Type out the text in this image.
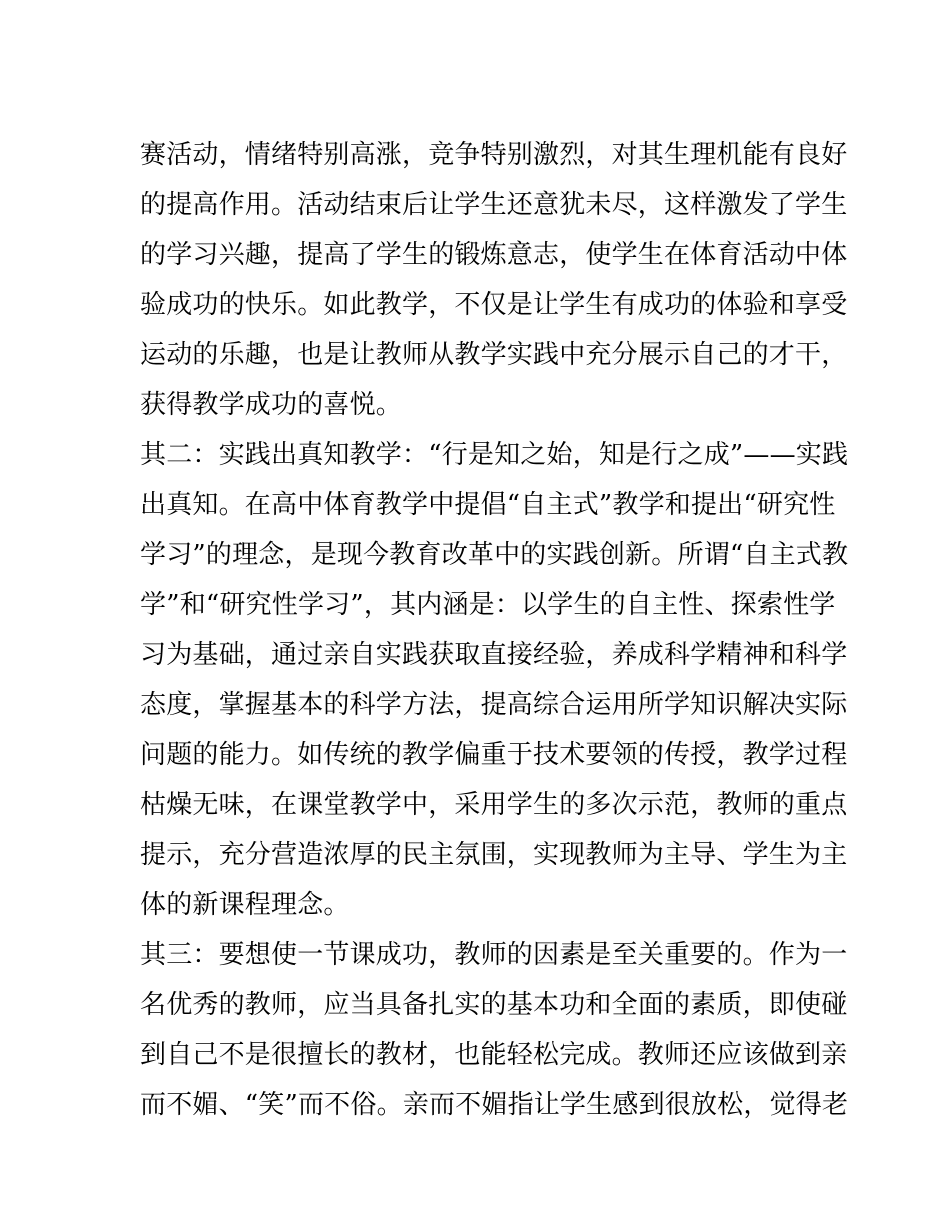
赛活动，情绪特别高涨，竞争特别激烈，对其生理机能有良好
的提高作用。活动结束后让学生还意犹未尽，这样激发了学生
的学习兴趣，提高了学生的锻炼意志，使学生在体育活动中体
验成功的快乐。如此教学，不仅是让学生有成功的体验和享受
运动的乐趣，也是让教师从教学实践中充分展示自己的才干，
获得教学成功的喜悦。
其二：实践出真知教学：“行是知之始，知是行之成”——实践
出真知。在高中体育教学中提倡“自主式”教学和提出“研究性
学习”的理念，是现今教育改革中的实践创新。所谓“自主式教
学”和“研究性学习”，其内涵是：以学生的自主性、探索性学
习为基础，通过亲自实践获取直接经验，养成科学精神和科学
态度，掌握基本的科学方法，提高综合运用所学知识解决实际
问题的能力。如传统的教学偏重于技术要领的传授，教学过程
枯燥无味，在课堂教学中，采用学生的多次示范，教师的重点
提示，充分营造浓厚的民主氛围，实现教师为主导、学生为主
体的新课程理念。
其三：要想使一节课成功，教师的因素是至关重要的。作为一
名优秀的教师，应当具备扎实的基本功和全面的素质，即使碰
到自己不是很擅长的教材，也能轻松完成。教师还应该做到亲
而不媚、“笑”而不俗。亲而不媚指让学生感到很放松，觉得老
